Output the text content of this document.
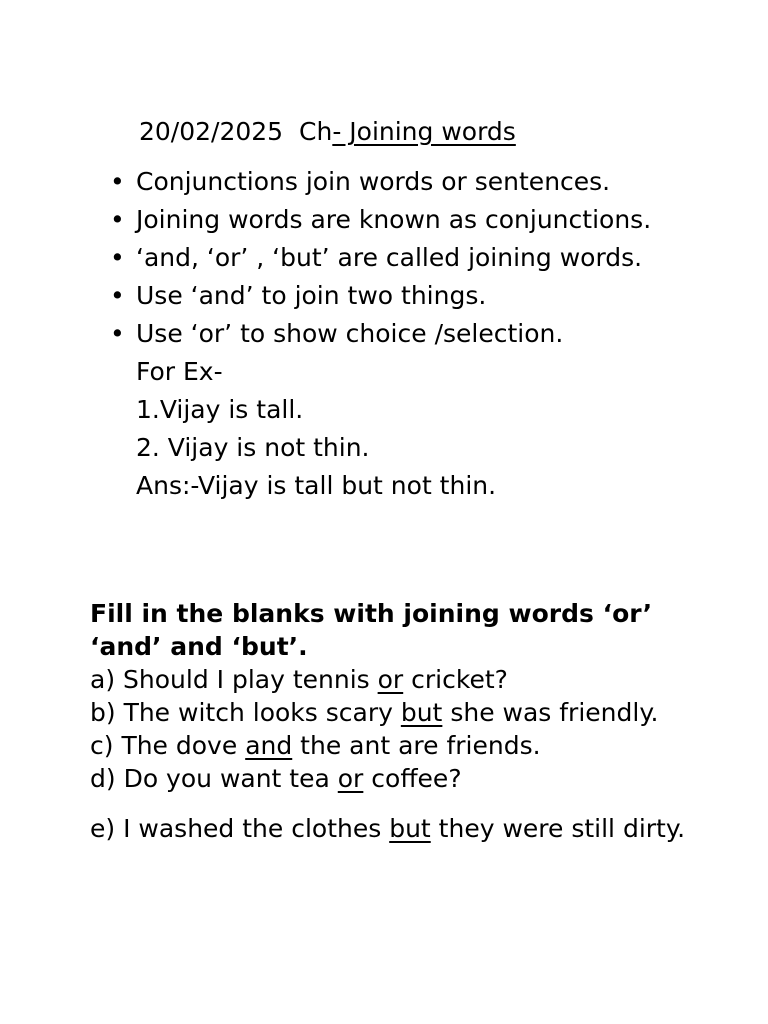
20/02/2025 Ch- Joining words
• Conjunctions join words or sentences.
• Joining words are known as conjunctions.
• ‘and, ‘or’ , ‘but’ are called joining words.
• Use ‘and’ to join two things.
• Use ‘or’ to show choice /selection.
For Ex-
1.Vijay is tall.
2. Vijay is not thin.
Ans:-Vijay is tall but not thin.
Fill in the blanks with joining words ‘or’ ‘and’ and ‘but’.
a) Should I play tennis or cricket?
b) The witch looks scary but she was friendly.
c) The dove and the ant are friends.
d) Do you want tea or coffee?
e) I washed the clothes but they were still dirty.
